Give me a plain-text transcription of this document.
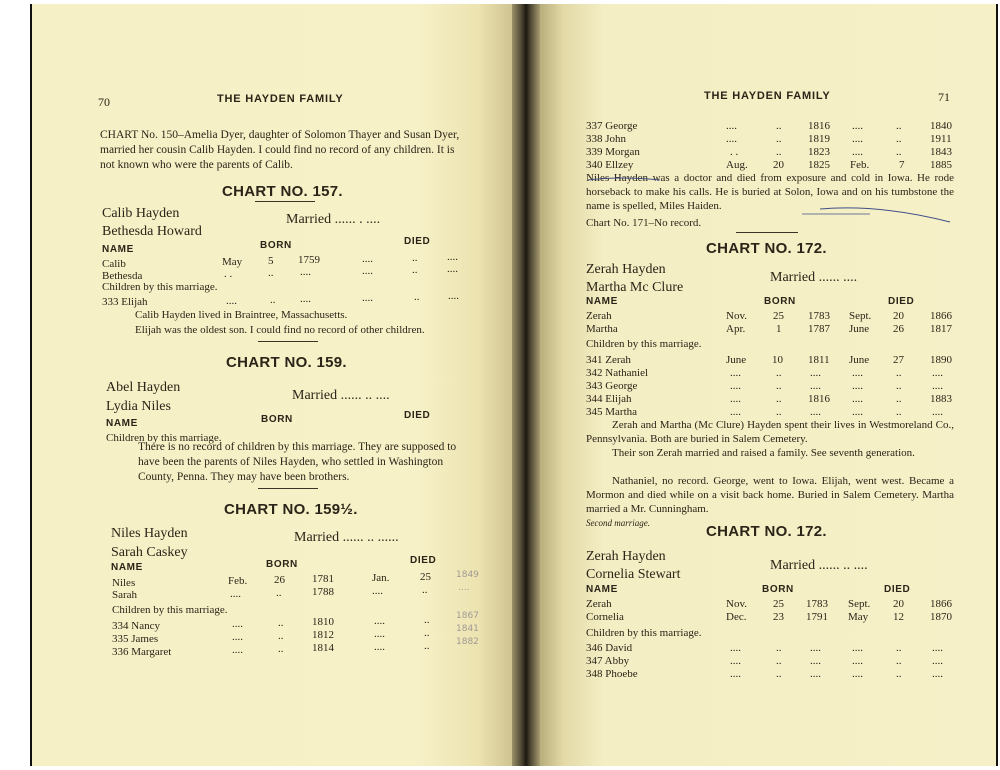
70	THE HAYDEN FAMILY
CHART No. 150–Amelia Dyer, daughter of Solomon Thayer and Susan Dyer, married her cousin Calib Hayden. I could find no record of any children. It is not known who were the parents of Calib.
CHART NO. 157.
Calib Hayden
Bethesda Howard
Married ...... . ....
NAME	BORN	DIED
Calib	May 5 1759	....	..	....
Bethesda	. .	.. ....	....	..	....
Children by this marriage.
333 Elijah	....	.. ....	....	..	....
Calib Hayden lived in Braintree, Massachusetts.
Elijah was the oldest son. I could find no record of other children.
CHART NO. 159.
Abel Hayden
Lydia Niles
Married ...... .. ....
NAME	BORN	DIED
Children by this marriage.
There is no record of children by this marriage. They are supposed to have been the parents of Niles Hayden, who settled in Washington County, Penna. They may have been brothers.
CHART NO. 159½.
Niles Hayden
Sarah Caskey
Married ...... .. ......
NAME	BORN	DIED
Niles	Feb. 26 1781	Jan.	25	1849
Sarah	....	..	1788	....	..	....
Children by this marriage.
334 Nancy	....	..	1810	....	..	1867
335 James	....	..	1812	....	..	1841
336 Margaret	....	..	1814	....	..	1882
THE HAYDEN FAMILY	71
337 George	....	.. 1816 ....	..	1840
338 John	....	.. 1819 ....	..	1911
339 Morgan	. .	.. 1823 ....	..	1843
340 Ellzey	Aug. 20 1825 Feb.	7 1885
Niles Hayden was a doctor and died from exposure and cold in Iowa. He rode horseback to make his calls. He is buried at Solon, Iowa and on his tumbstone the name is spelled, Miles Haiden.
Chart No. 171–No record.
CHART NO. 172.
Zerah Hayden
Martha Mc Clure
Married ...... ....
NAME	BORN	DIED
Zerah	Nov. 25 1783 Sept. 20 1866
Martha	Apr.	1 1787 June 26 1817
Children by this marriage.
341 Zerah	June 10 1811 June 27 1890
342 Nathaniel	....	..	....	....	..	....
343 George	....	..	....	....	..	....
344 Elijah	....	.. 1816 ....	..	1883
345 Martha	....	..	....	....	..	....
Zerah and Martha (Mc Clure) Hayden spent their lives in Westmoreland Co., Pennsylvania. Both are buried in Salem Cemetery.
Their son Zerah married and raised a family. See seventh generation.
Nathaniel, no record. George, went to Iowa. Elijah, went west. Became a Mormon and died while on a visit back home. Buried in Salem Cemetery. Martha married a Mr. Cunningham.
Second marriage.	CHART NO. 172.
Zerah Hayden
Cornelia Stewart
Married ...... .. ....
NAME	BORN	DIED
Zerah	Nov. 25 1783 Sept. 20 1866
Cornelia	Dec. 23 1791 May 12 1870
Children by this marriage.
346 David	....	..	....	....	..	....
347 Abby	....	..	....	....	..	....
348 Phoebe	....	..	....	....	..	....
